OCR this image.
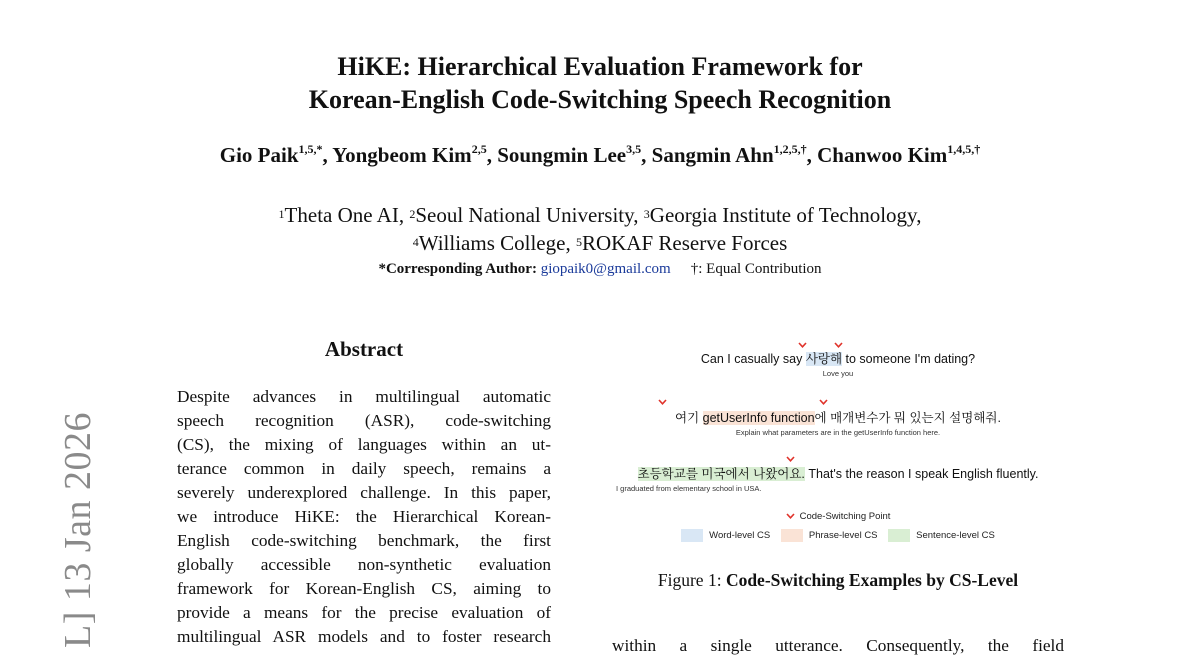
L] 13 Jan 2026
HiKE: Hierarchical Evaluation Framework for
Korean-English Code-Switching Speech Recognition
Gio Paik$^{1,5,*}$, Yongbeom Kim$^{2,5}$, Soungmin Lee$^{3,5}$, Sangmin Ahn$^{1,2,5,\dagger}$, Chanwoo Kim$^{1,4,5,\dagger}$
$^1$Theta One AI, $^2$Seoul National University, $^3$Georgia Institute of Technology,
$^4$Williams College, $^5$ROKAF Reserve Forces
*Corresponding Author: giopaik0@gmail.com †: Equal Contribution
Abstract
Despite advances in multilingual automatic
speech recognition (ASR), code-switching
(CS), the mixing of languages within an ut-
terance common in daily speech, remains a
severely underexplored challenge. In this paper,
we introduce HiKE: the Hierarchical Korean-
English code-switching benchmark, the first
globally accessible non-synthetic evaluation
framework for Korean-English CS, aiming to
provide a means for the precise evaluation of
multilingual ASR models and to foster research
Can I casually say 사랑해 to someone I'm dating?
Love you
여기 getUserInfo function에 매개변수가 뭐 있는지 설명해줘.
Explain what parameters are in the getUserInfo function here.
초등학교를 미국에서 나왔어요. That's the reason I speak English fluently.
I graduated from elementary school in USA.
Code-Switching Point
Word-level CS	Phrase-level CS	Sentence-level CS
Figure 1: Code-Switching Examples by CS-Level
within a single utterance. Consequently, the field
